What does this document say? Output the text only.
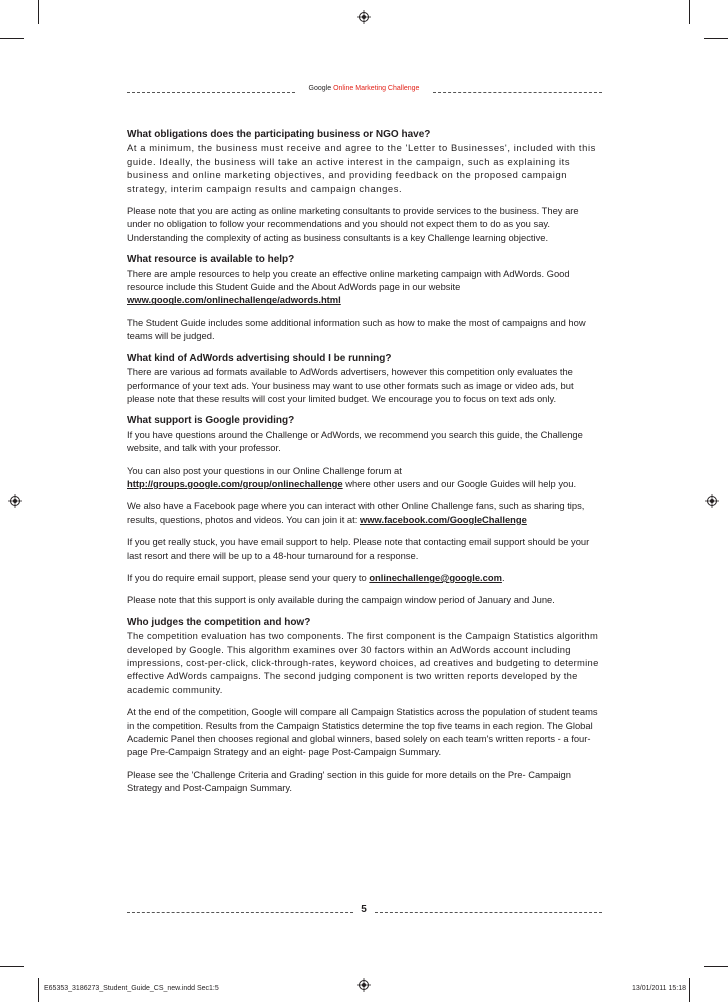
Google Online Marketing Challenge

What obligations does the participating business or NGO have?
At a minimum, the business must receive and agree to the 'Letter to Businesses', included with this guide. Ideally, the business will take an active interest in the campaign, such as explaining its business and online marketing objectives, and providing feedback on the proposed campaign strategy, interim campaign results and campaign changes.

Please note that you are acting as online marketing consultants to provide services to the business. They are under no obligation to follow your recommendations and you should not expect them to do as you say. Understanding the complexity of acting as business consultants is a key Challenge learning objective.

What resource is available to help?
There are ample resources to help you create an effective online marketing campaign with AdWords. Good resource include this Student Guide and the About AdWords page in our website
www.google.com/onlinechallenge/adwords.html

The Student Guide includes some additional information such as how to make the most of campaigns and how teams will be judged.

What kind of AdWords advertising should I be running?
There are various ad formats available to AdWords advertisers, however this competition only evaluates the performance of your text ads. Your business may want to use other formats such as image or video ads, but please note that these results will cost your limited budget. We encourage you to focus on text ads only.

What support is Google providing?
If you have questions around the Challenge or AdWords, we recommend you search this guide, the Challenge website, and talk with your professor.

You can also post your questions in our Online Challenge forum at
http://groups.google.com/group/onlinechallenge where other users and our Google Guides will help you.

We also have a Facebook page where you can interact with other Online Challenge fans, such as sharing tips, results, questions, photos and videos. You can join it at: www.facebook.com/GoogleChallenge

If you get really stuck, you have email support to help. Please note that contacting email support should be your last resort and there will be up to a 48-hour turnaround for a response.

If you do require email support, please send your query to onlinechallenge@google.com.

Please note that this support is only available during the campaign window period of January and June.

Who judges the competition and how?
The competition evaluation has two components. The first component is the Campaign Statistics algorithm developed by Google. This algorithm examines over 30 factors within an AdWords account including impressions, cost-per-click, click-through-rates, keyword choices, ad creatives and budgeting to determine effective AdWords campaigns. The second judging component is two written reports developed by the academic community.

At the end of the competition, Google will compare all Campaign Statistics across the population of student teams in the competition. Results from the Campaign Statistics determine the top five teams in each region. The Global Academic Panel then chooses regional and global winners, based solely on each team's written reports - a four-page Pre-Campaign Strategy and an eight- page Post-Campaign Summary.

Please see the 'Challenge Criteria and Grading' section in this guide for more details on the Pre- Campaign Strategy and Post-Campaign Summary.

5
E65353_3186273_Student_Guide_CS_new.indd Sec1:5	13/01/2011 15:18
